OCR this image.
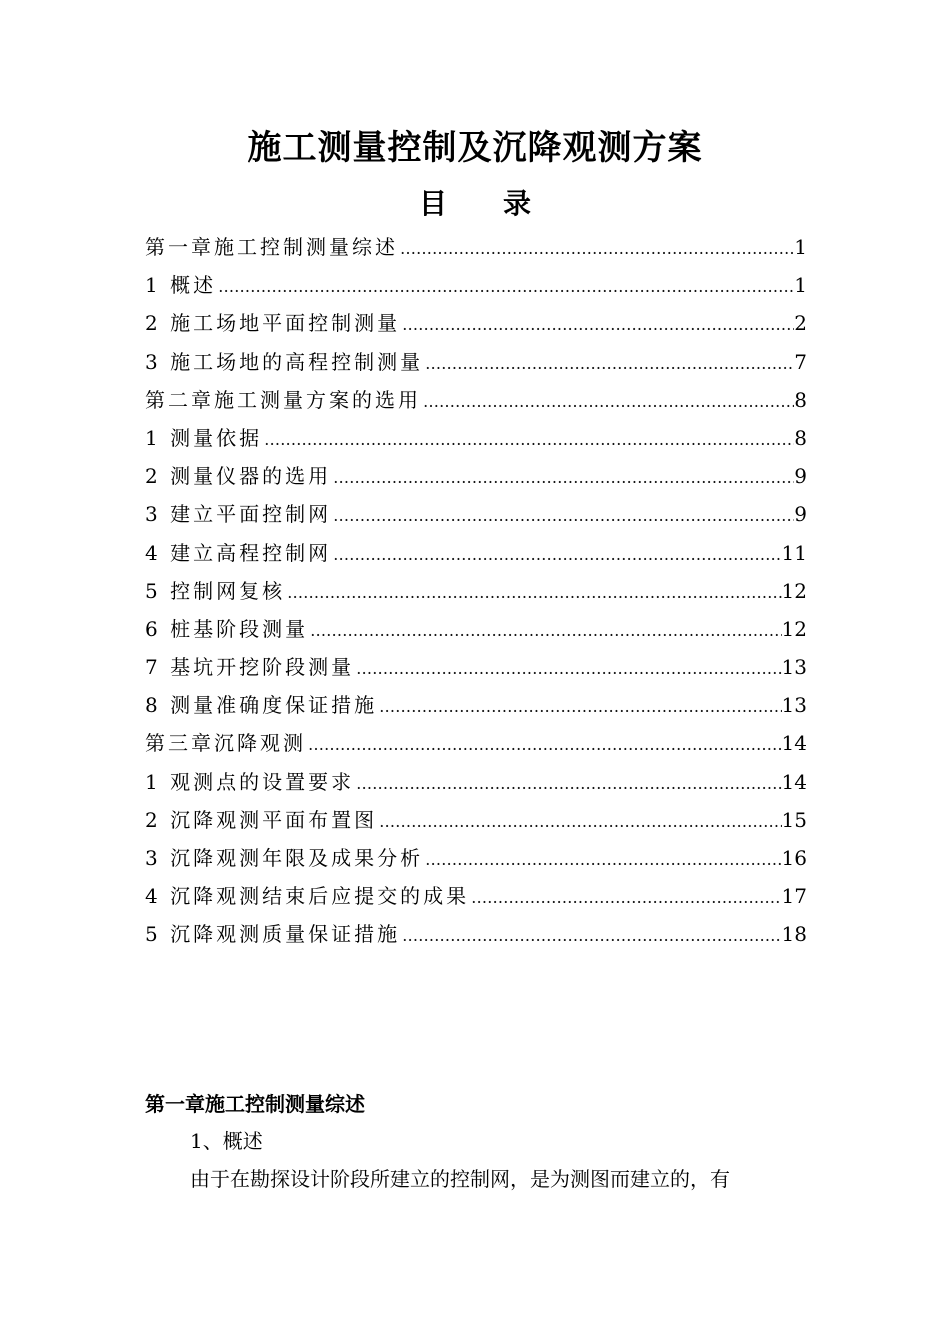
施工测量控制及沉降观测方案
目 录
第一章施工控制测量综述 …………………………………………………………………………………………………………………………………………………	1
1 概述 …………………………………………………………………………………………………………………………………………………	1
2 施工场地平面控制测量 …………………………………………………………………………………………………………………………………………………	2
3 施工场地的高程控制测量 …………………………………………………………………………………………………………………………………………………	7
第二章施工测量方案的选用 …………………………………………………………………………………………………………………………………………………	8
1 测量依据 …………………………………………………………………………………………………………………………………………………	8
2 测量仪器的选用 …………………………………………………………………………………………………………………………………………………	9
3 建立平面控制网 …………………………………………………………………………………………………………………………………………………	9
4 建立高程控制网 …………………………………………………………………………………………………………………………………………………	11
5 控制网复核 …………………………………………………………………………………………………………………………………………………	12
6 桩基阶段测量 …………………………………………………………………………………………………………………………………………………	12
7 基坑开挖阶段测量 …………………………………………………………………………………………………………………………………………………	13
8 测量准确度保证措施 …………………………………………………………………………………………………………………………………………………	13
第三章沉降观测 …………………………………………………………………………………………………………………………………………………	14
1 观测点的设置要求 …………………………………………………………………………………………………………………………………………………	14
2 沉降观测平面布置图 …………………………………………………………………………………………………………………………………………………	15
3 沉降观测年限及成果分析 …………………………………………………………………………………………………………………………………………………	16
4 沉降观测结束后应提交的成果 …………………………………………………………………………………………………………………………………………………	17
5 沉降观测质量保证措施 …………………………………………………………………………………………………………………………………………………	18
第一章施工控制测量综述
1、概述
由于在勘探设计阶段所建立的控制网，是为测图而建立的，有
